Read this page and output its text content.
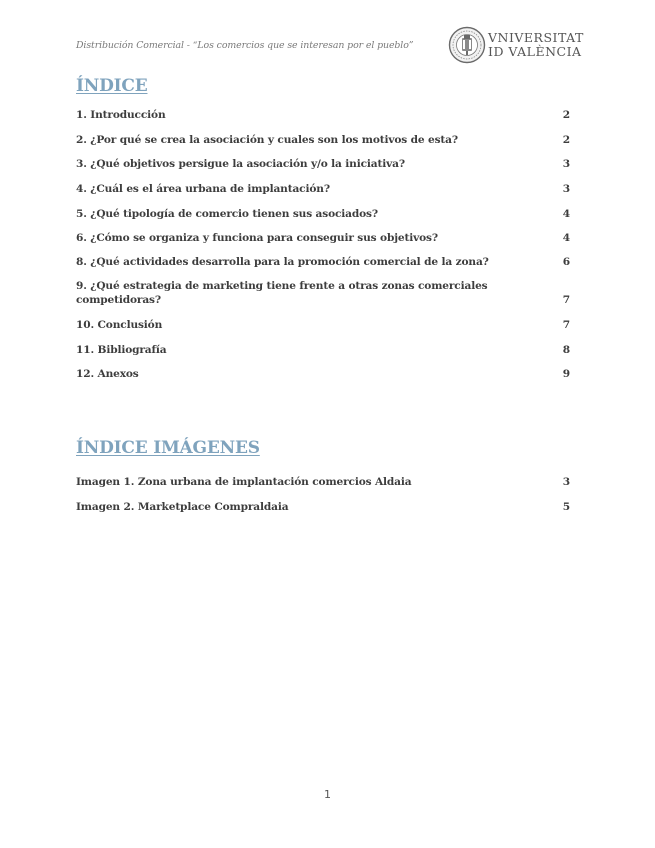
Distribución Comercial - “Los comercios que se interesan por el pueblo”
VNIVERSITAT
ID VALÈNCIA
ÍNDICE
1. Introducción	2
2. ¿Por qué se crea la asociación y cuales son los motivos de esta?	2
3. ¿Qué objetivos persigue la asociación y/o la iniciativa?	3
4. ¿Cuál es el área urbana de implantación?	3
5. ¿Qué tipología de comercio tienen sus asociados?	4
6. ¿Cómo se organiza y funciona para conseguir sus objetivos?	4
8. ¿Qué actividades desarrolla para la promoción comercial de la zona?	6
9. ¿Qué estrategia de marketing tiene frente a otras zonas comerciales competidoras?	7
10. Conclusión	7
11. Bibliografía	8
12. Anexos	9
ÍNDICE IMÁGENES
Imagen 1. Zona urbana de implantación comercios Aldaia	3
Imagen 2. Marketplace Compraldaia	5
1
